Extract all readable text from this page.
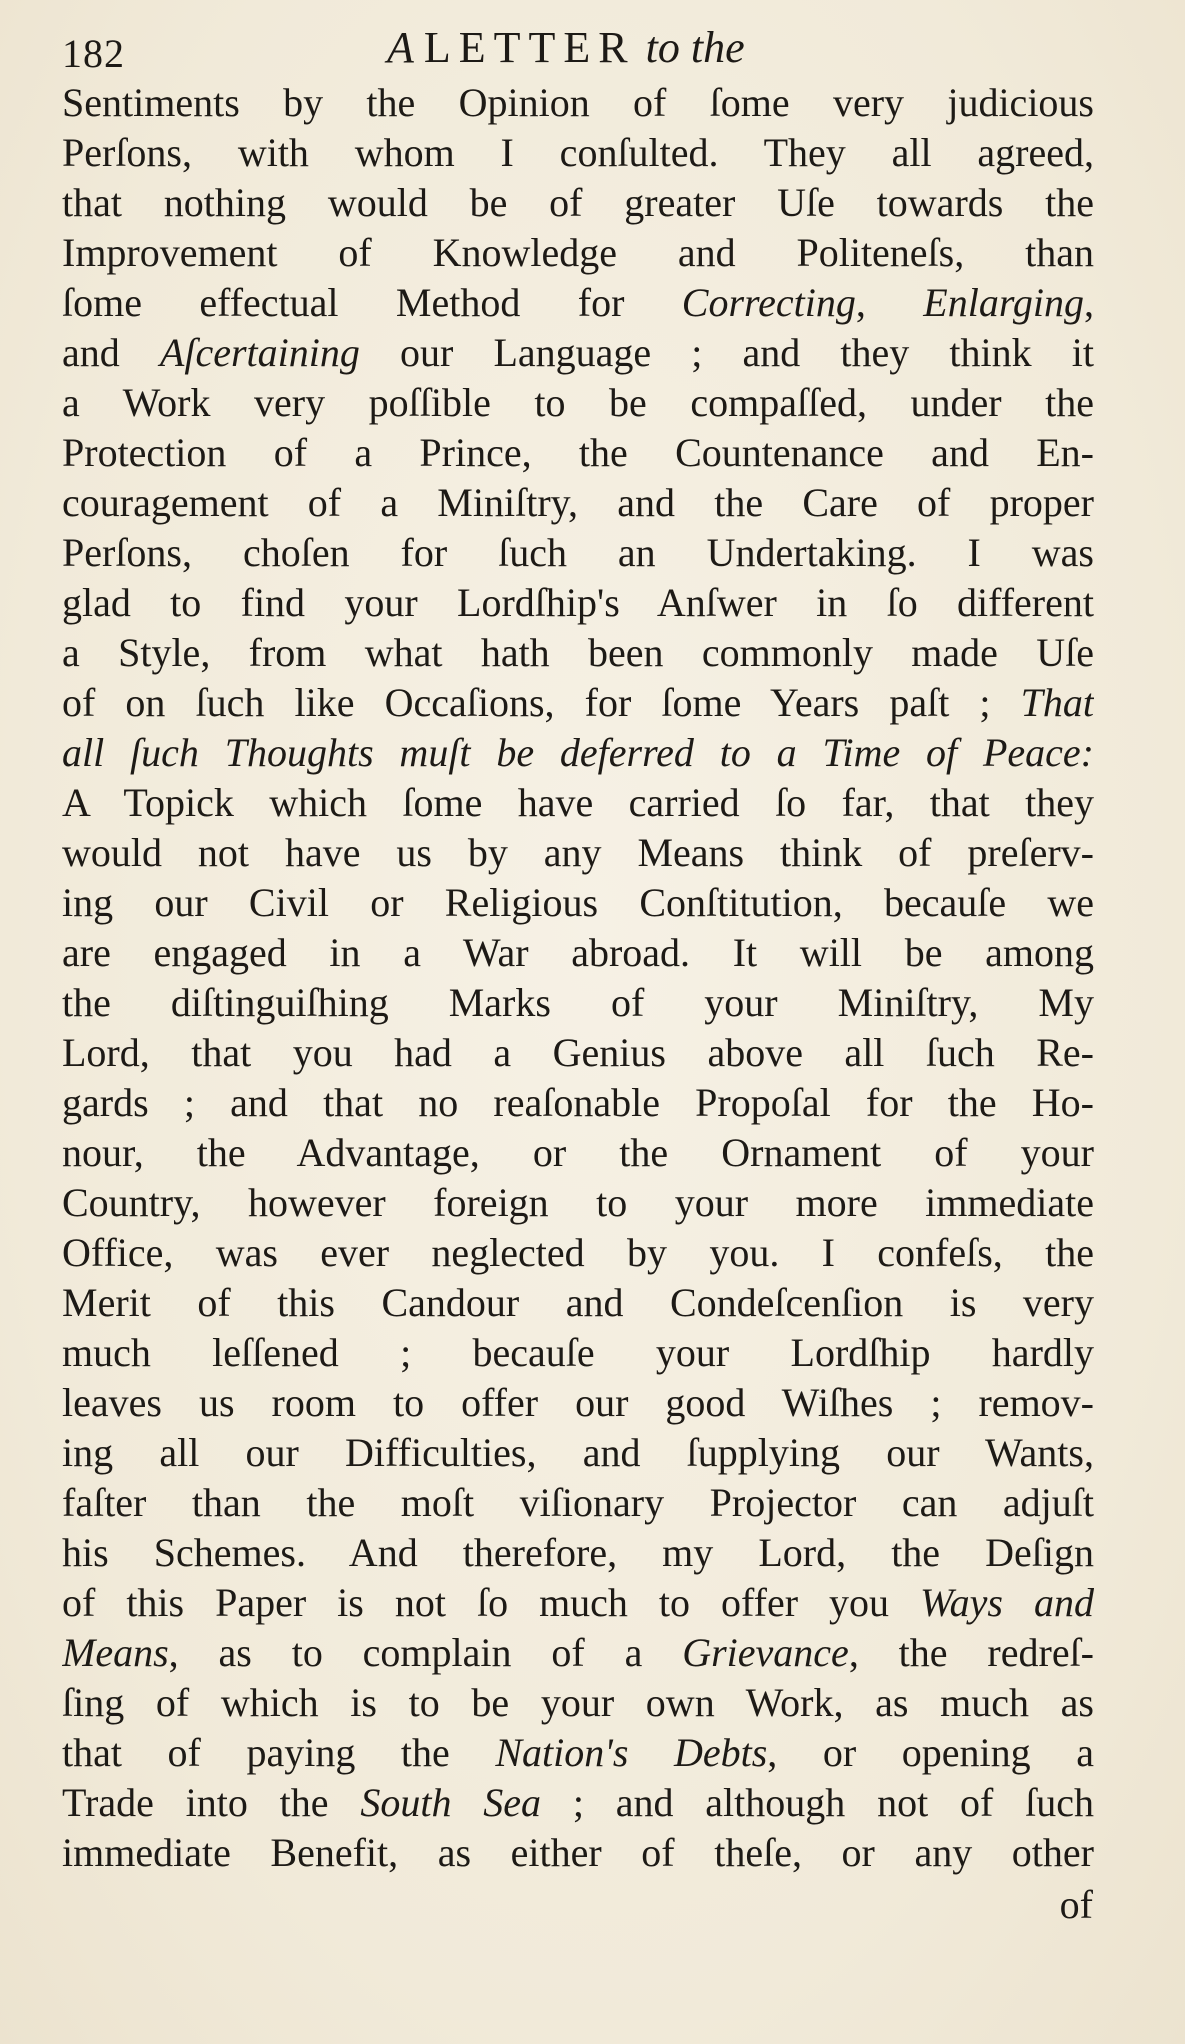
182	A LETTER to the
Sentiments by the Opinion of ſome very judicious
Perſons, with whom I conſulted. They all agreed,
that nothing would be of greater Uſe towards the
Improvement of Knowledge and Politeneſs, than
ſome effectual Method for Correcting, Enlarging,
and Aſcertaining our Language ; and they think it
a Work very poſſible to be compaſſed, under the
Protection of a Prince, the Countenance and En-
couragement of a Miniſtry, and the Care of proper
Perſons, choſen for ſuch an Undertaking. I was
glad to find your Lordſhip's Anſwer in ſo different
a Style, from what hath been commonly made Uſe
of on ſuch like Occaſions, for ſome Years paſt ; That
all ſuch Thoughts muſt be deferred to a Time of Peace:
A Topick which ſome have carried ſo far, that they
would not have us by any Means think of preſerv-
ing our Civil or Religious Conſtitution, becauſe we
are engaged in a War abroad. It will be among
the diſtinguiſhing Marks of your Miniſtry, My
Lord, that you had a Genius above all ſuch Re-
gards ; and that no reaſonable Propoſal for the Ho-
nour, the Advantage, or the Ornament of your
Country, however foreign to your more immediate
Office, was ever neglected by you. I confeſs, the
Merit of this Candour and Condeſcenſion is very
much leſſened ; becauſe your Lordſhip hardly
leaves us room to offer our good Wiſhes ; remov-
ing all our Difficulties, and ſupplying our Wants,
faſter than the moſt viſionary Projector can adjuſt
his Schemes. And therefore, my Lord, the Deſign
of this Paper is not ſo much to offer you Ways and
Means, as to complain of a Grievance, the redreſ-
ſing of which is to be your own Work, as much as
that of paying the Nation's Debts, or opening a
Trade into the South Sea ; and although not of ſuch
immediate Benefit, as either of theſe, or any other
of
